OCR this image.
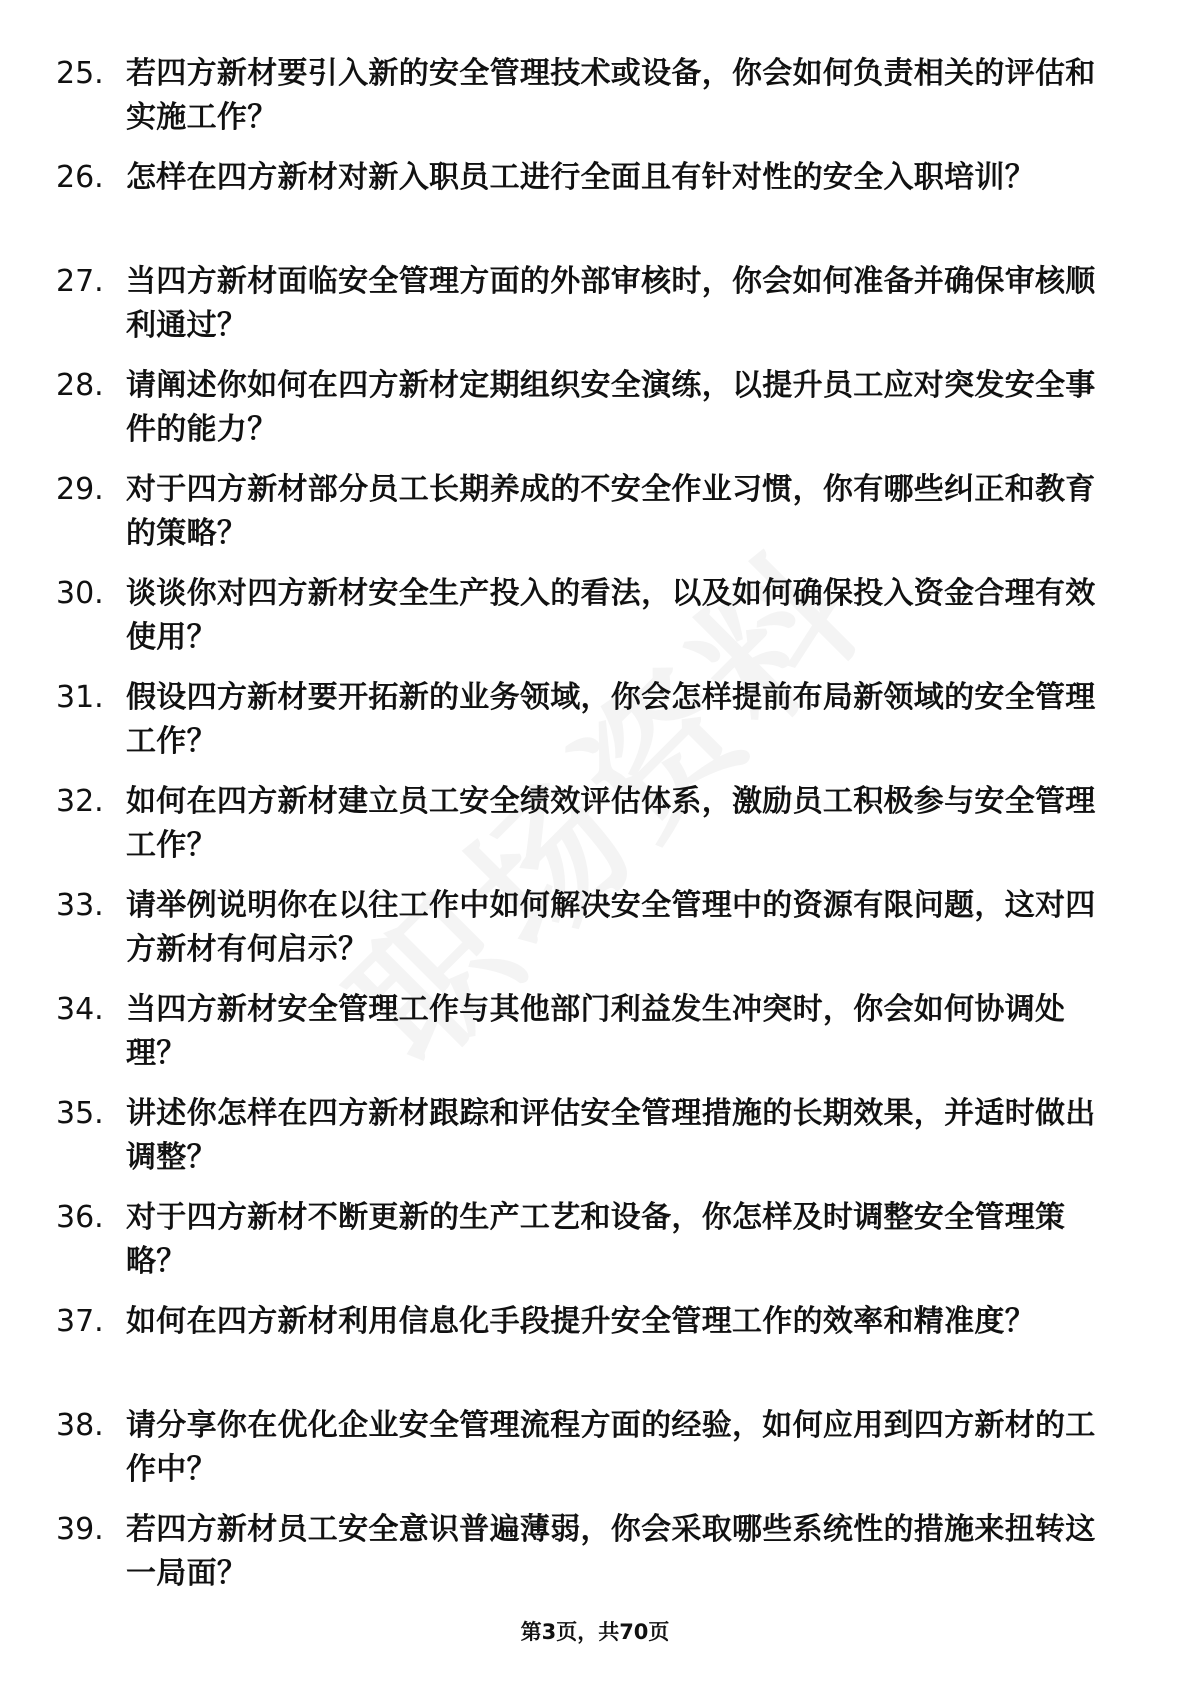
25. 若四方新材要引入新的安全管理技术或设备，你会如何负责相关的评估和实施工作？
26. 怎样在四方新材对新入职员工进行全面且有针对性的安全入职培训？
27. 当四方新材面临安全管理方面的外部审核时，你会如何准备并确保审核顺利通过？
28. 请阐述你如何在四方新材定期组织安全演练，以提升员工应对突发安全事件的能力？
29. 对于四方新材部分员工长期养成的不安全作业习惯，你有哪些纠正和教育的策略？
30. 谈谈你对四方新材安全生产投入的看法，以及如何确保投入资金合理有效使用？
31. 假设四方新材要开拓新的业务领域，你会怎样提前布局新领域的安全管理工作？
32. 如何在四方新材建立员工安全绩效评估体系，激励员工积极参与安全管理工作？
33. 请举例说明你在以往工作中如何解决安全管理中的资源有限问题，这对四方新材有何启示？
34. 当四方新材安全管理工作与其他部门利益发生冲突时，你会如何协调处理？
35. 讲述你怎样在四方新材跟踪和评估安全管理措施的长期效果，并适时做出调整？
36. 对于四方新材不断更新的生产工艺和设备，你怎样及时调整安全管理策略？
37. 如何在四方新材利用信息化手段提升安全管理工作的效率和精准度？
38. 请分享你在优化企业安全管理流程方面的经验，如何应用到四方新材的工作中？
39. 若四方新材员工安全意识普遍薄弱，你会采取哪些系统性的措施来扭转这一局面？
第3页，共70页
